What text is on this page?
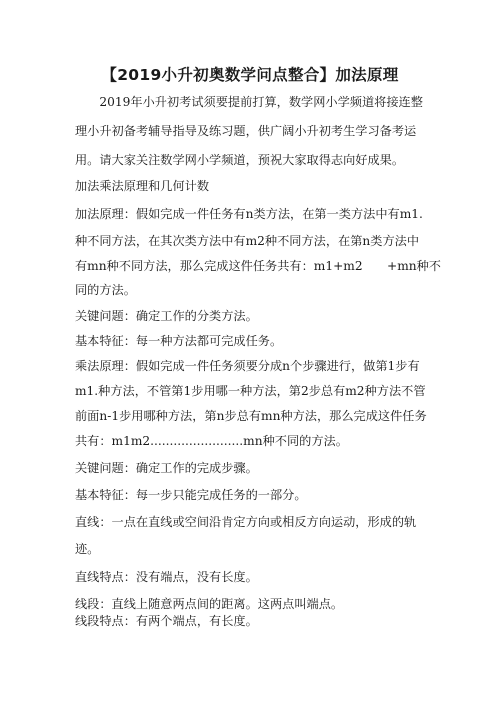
【2019小升初奥数学问点整合】加法原理
　　2019年小升初考试须要提前打算，数学网小学频道将接连整
理小升初备考辅导指导及练习题，供广阔小升初考生学习备考运
用。请大家关注数学网小学频道，预祝大家取得志向好成果。
加法乘法原理和几何计数
加法原理：假如完成一件任务有n类方法，在第一类方法中有m1.
种不同方法，在其次类方法中有m2种不同方法，在第n类方法中
有mn种不同方法，那么完成这件任务共有：m1+m2　　+mn种不
同的方法。
关键问题：确定工作的分类方法。
基本特征：每一种方法都可完成任务。
乘法原理：假如完成一件任务须要分成n个步骤进行，做第1步有
m1.种方法，不管第1步用哪一种方法，第2步总有m2种方法不管
前面n-1步用哪种方法，第n步总有mn种方法，那么完成这件任务
共有：m1m2........................mn种不同的方法。
关键问题：确定工作的完成步骤。
基本特征：每一步只能完成任务的一部分。
直线：一点在直线或空间沿肯定方向或相反方向运动，形成的轨
迹。
直线特点：没有端点，没有长度。
线段：直线上随意两点间的距离。这两点叫端点。
线段特点：有两个端点，有长度。
